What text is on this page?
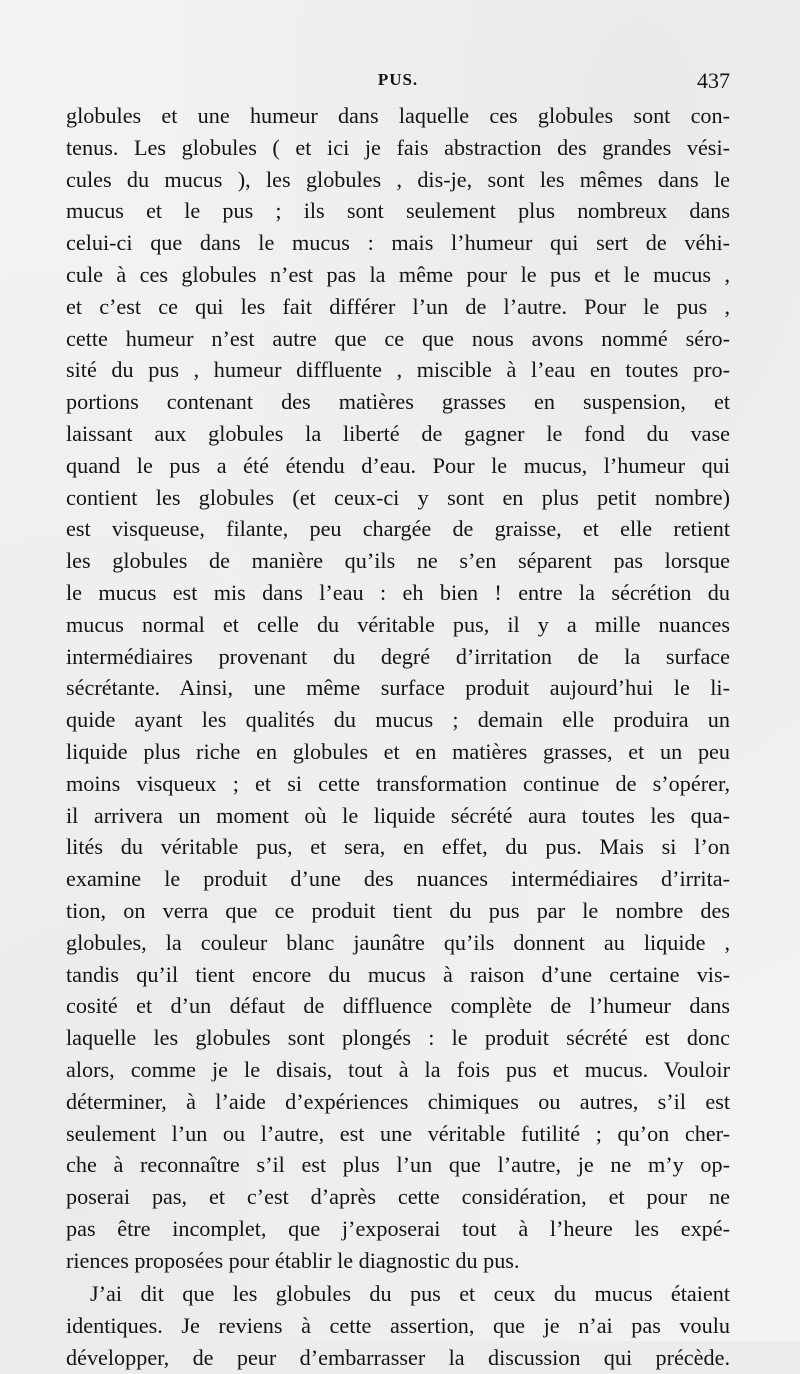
PUS.	437
globules et une humeur dans laquelle ces globules sont con-
tenus. Les globules ( et ici je fais abstraction des grandes vési-
cules du mucus ), les globules , dis-je, sont les mêmes dans le
mucus et le pus ; ils sont seulement plus nombreux dans
celui-ci que dans le mucus : mais l’humeur qui sert de véhi-
cule à ces globules n’est pas la même pour le pus et le mucus ,
et c’est ce qui les fait différer l’un de l’autre. Pour le pus ,
cette humeur n’est autre que ce que nous avons nommé séro-
sité du pus , humeur diffluente , miscible à l’eau en toutes pro-
portions contenant des matières grasses en suspension, et
laissant aux globules la liberté de gagner le fond du vase
quand le pus a été étendu d’eau. Pour le mucus, l’humeur qui
contient les globules (et ceux-ci y sont en plus petit nombre)
est visqueuse, filante, peu chargée de graisse, et elle retient
les globules de manière qu’ils ne s’en séparent pas lorsque
le mucus est mis dans l’eau : eh bien ! entre la sécrétion du
mucus normal et celle du véritable pus, il y a mille nuances
intermédiaires provenant du degré d’irritation de la surface
sécrétante. Ainsi, une même surface produit aujourd’hui le li-
quide ayant les qualités du mucus ; demain elle produira un
liquide plus riche en globules et en matières grasses, et un peu
moins visqueux ; et si cette transformation continue de s’opérer,
il arrivera un moment où le liquide sécrété aura toutes les qua-
lités du véritable pus, et sera, en effet, du pus. Mais si l’on
examine le produit d’une des nuances intermédiaires d’irrita-
tion, on verra que ce produit tient du pus par le nombre des
globules, la couleur blanc jaunâtre qu’ils donnent au liquide ,
tandis qu’il tient encore du mucus à raison d’une certaine vis-
cosité et d’un défaut de diffluence complète de l’humeur dans
laquelle les globules sont plongés : le produit sécrété est donc
alors, comme je le disais, tout à la fois pus et mucus. Vouloir
déterminer, à l’aide d’expériences chimiques ou autres, s’il est
seulement l’un ou l’autre, est une véritable futilité ; qu’on cher-
che à reconnaître s’il est plus l’un que l’autre, je ne m’y op-
poserai pas, et c’est d’après cette considération, et pour ne
pas être incomplet, que j’exposerai tout à l’heure les expé-
riences proposées pour établir le diagnostic du pus.
J’ai dit que les globules du pus et ceux du mucus étaient
identiques. Je reviens à cette assertion, que je n’ai pas voulu
développer, de peur d’embarrasser la discussion qui précède.
